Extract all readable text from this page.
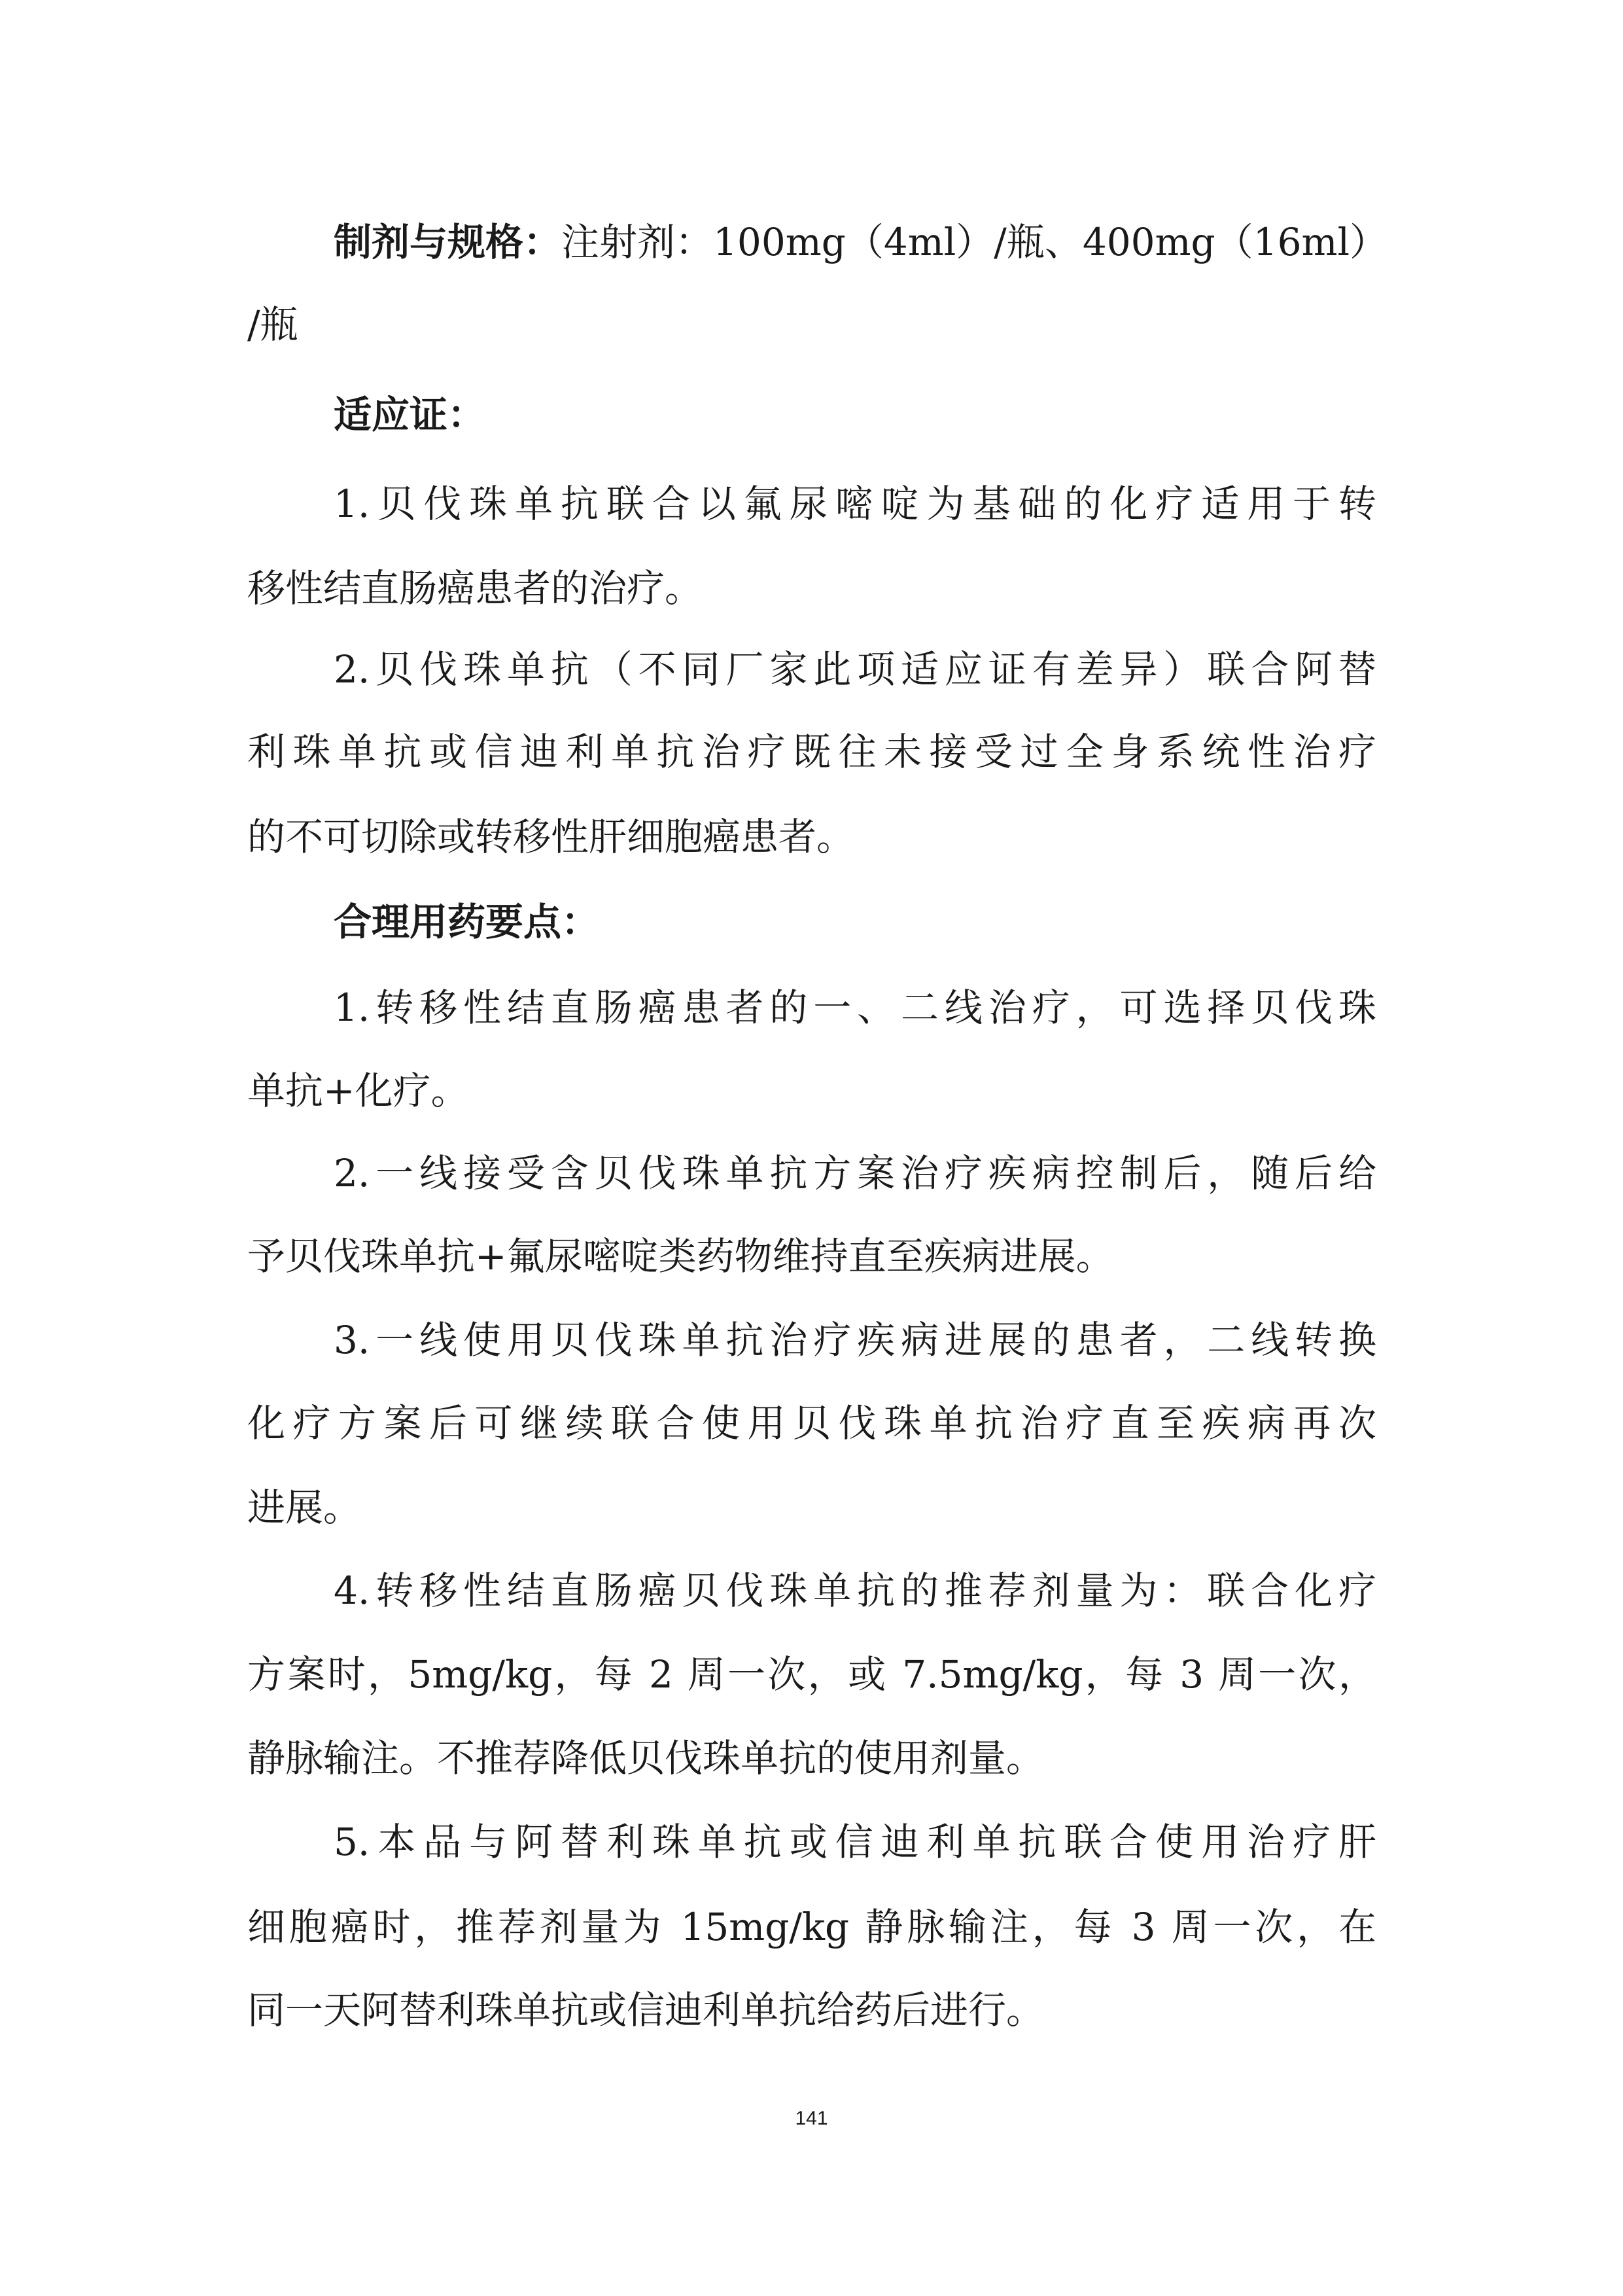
制剂与规格：注射剂：100mg（4ml）/瓶、400mg（16ml）
/瓶
适应证：
1.贝伐珠单抗联合以氟尿嘧啶为基础的化疗适用于转
移性结直肠癌患者的治疗。
2.贝伐珠单抗（不同厂家此项适应证有差异）联合阿替
利珠单抗或信迪利单抗治疗既往未接受过全身系统性治疗
的不可切除或转移性肝细胞癌患者。
合理用药要点：
1.转移性结直肠癌患者的一、二线治疗，可选择贝伐珠
单抗+化疗。
2.一线接受含贝伐珠单抗方案治疗疾病控制后，随后给
予贝伐珠单抗+氟尿嘧啶类药物维持直至疾病进展。
3.一线使用贝伐珠单抗治疗疾病进展的患者，二线转换
化疗方案后可继续联合使用贝伐珠单抗治疗直至疾病再次
进展。
4.转移性结直肠癌贝伐珠单抗的推荐剂量为：联合化疗
方案时，5mg/kg，每 2 周一次，或 7.5mg/kg，每 3 周一次，
静脉输注。不推荐降低贝伐珠单抗的使用剂量。
5.本品与阿替利珠单抗或信迪利单抗联合使用治疗肝
细胞癌时，推荐剂量为 15mg/kg 静脉输注，每 3 周一次，在
同一天阿替利珠单抗或信迪利单抗给药后进行。
141
